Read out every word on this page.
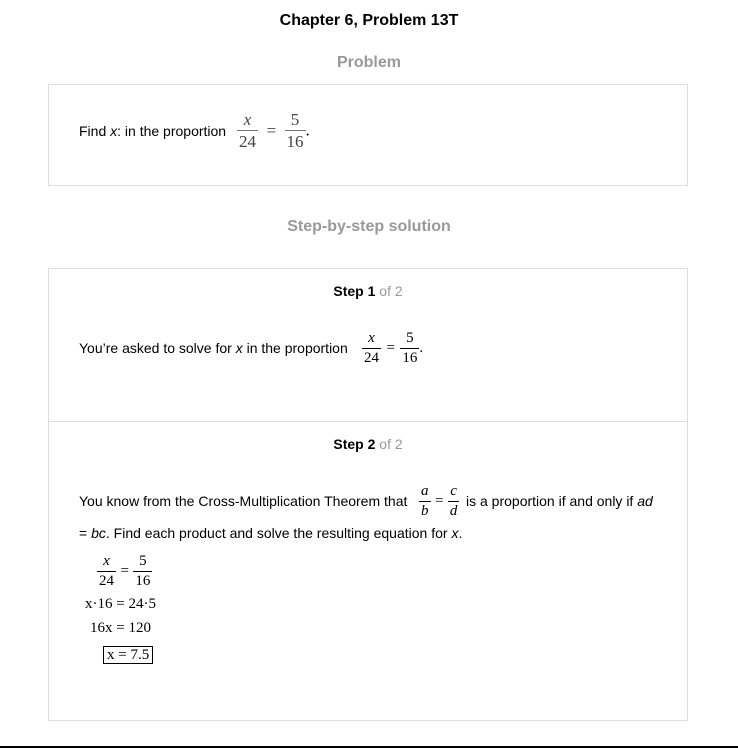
Chapter 6, Problem 13T
Problem
Find x: in the proportion $\frac{x}{24} = \frac{5}{16}$ .
Step-by-step solution
Step 1 of 2
You’re asked to solve for x in the proportion $\frac{x}{24} = \frac{5}{16}$ .
Step 2 of 2
You know from the Cross-Multiplication Theorem that $\frac{a}{b} = \frac{c}{d}$ is a proportion if and only if ad
= bc. Find each product and solve the resulting equation for x.
$\frac{x}{24} = \frac{5}{16}$
x·16 = 24·5
16x = 120
x = 7.5
